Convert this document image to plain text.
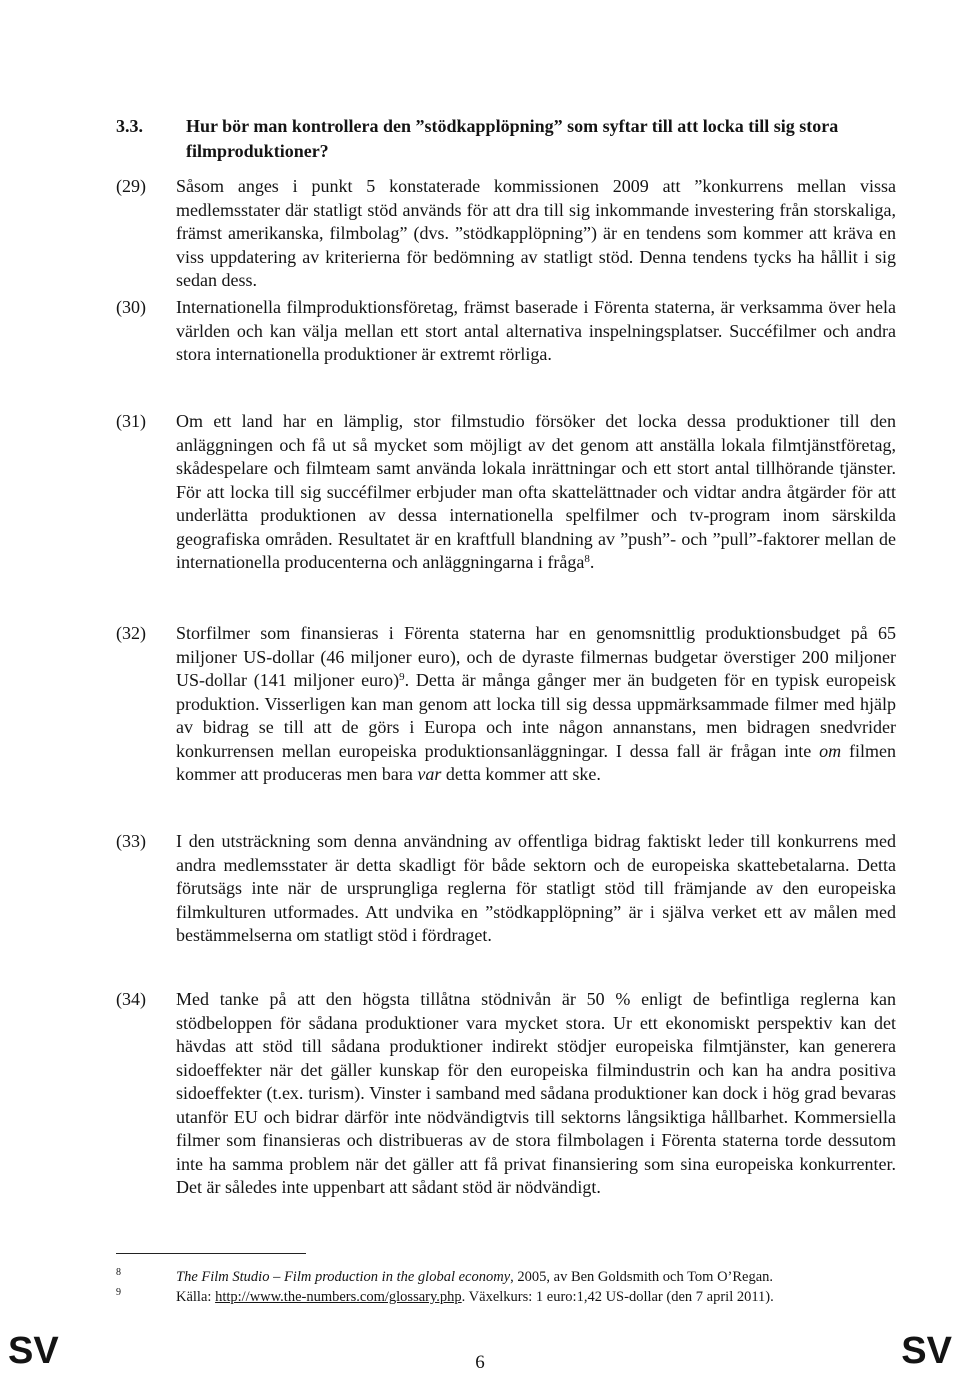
3.3. Hur bör man kontrollera den ”stödkapplöpning” som syftar till att locka till sig stora filmproduktioner?
(29) Såsom anges i punkt 5 konstaterade kommissionen 2009 att ”konkurrens mellan vissa medlemsstater där statligt stöd används för att dra till sig inkommande investering från storskaliga, främst amerikanska, filmbolag” (dvs. ”stödkapplöpning”) är en tendens som kommer att kräva en viss uppdatering av kriterierna för bedömning av statligt stöd. Denna tendens tycks ha hållit i sig sedan dess.
(30) Internationella filmproduktionsföretag, främst baserade i Förenta staterna, är verksamma över hela världen och kan välja mellan ett stort antal alternativa inspelningsplatser. Succéfilmer och andra stora internationella produktioner är extremt rörliga.
(31) Om ett land har en lämplig, stor filmstudio försöker det locka dessa produktioner till den anläggningen och få ut så mycket som möjligt av det genom att anställa lokala filmtjänstföretag, skådespelare och filmteam samt använda lokala inrättningar och ett stort antal tillhörande tjänster. För att locka till sig succéfilmer erbjuder man ofta skattelättnader och vidtar andra åtgärder för att underlätta produktionen av dessa internationella spelfilmer och tv-program inom särskilda geografiska områden. Resultatet är en kraftfull blandning av ”push”- och ”pull”-faktorer mellan de internationella producenterna och anläggningarna i fråga$^8$.
(32) Storfilmer som finansieras i Förenta staterna har en genomsnittlig produktionsbudget på 65 miljoner US-dollar (46 miljoner euro), och de dyraste filmernas budgetar överstiger 200 miljoner US-dollar (141 miljoner euro)$^9$. Detta är många gånger mer än budgeten för en typisk europeisk produktion. Visserligen kan man genom att locka till sig dessa uppmärksammade filmer med hjälp av bidrag se till att de görs i Europa och inte någon annanstans, men bidragen snedvrider konkurrensen mellan europeiska produktionsanläggningar. I dessa fall är frågan inte om filmen kommer att produceras men bara var detta kommer att ske.
(33) I den utsträckning som denna användning av offentliga bidrag faktiskt leder till konkurrens med andra medlemsstater är detta skadligt för både sektorn och de europeiska skattebetalarna. Detta förutsägs inte när de ursprungliga reglerna för statligt stöd till främjande av den europeiska filmkulturen utformades. Att undvika en ”stödkapplöpning” är i själva verket ett av målen med bestämmelserna om statligt stöd i fördraget.
(34) Med tanke på att den högsta tillåtna stödnivån är 50 % enligt de befintliga reglerna kan stödbeloppen för sådana produktioner vara mycket stora. Ur ett ekonomiskt perspektiv kan det hävdas att stöd till sådana produktioner indirekt stödjer europeiska filmtjänster, kan generera sidoeffekter när det gäller kunskap för den europeiska filmindustrin och kan ha andra positiva sidoeffekter (t.ex. turism). Vinster i samband med sådana produktioner kan dock i hög grad bevaras utanför EU och bidrar därför inte nödvändigtvis till sektorns långsiktiga hållbarhet. Kommersiella filmer som finansieras och distribueras av de stora filmbolagen i Förenta staterna torde dessutom inte ha samma problem när det gäller att få privat finansiering som sina europeiska konkurrenter. Det är således inte uppenbart att sådant stöd är nödvändigt.
8	The Film Studio – Film production in the global economy, 2005, av Ben Goldsmith och Tom O’Regan.
9	Källa: http://www.the-numbers.com/glossary.php. Växelkurs: 1 euro:1,42 US-dollar (den 7 april 2011).
SV	6	SV
